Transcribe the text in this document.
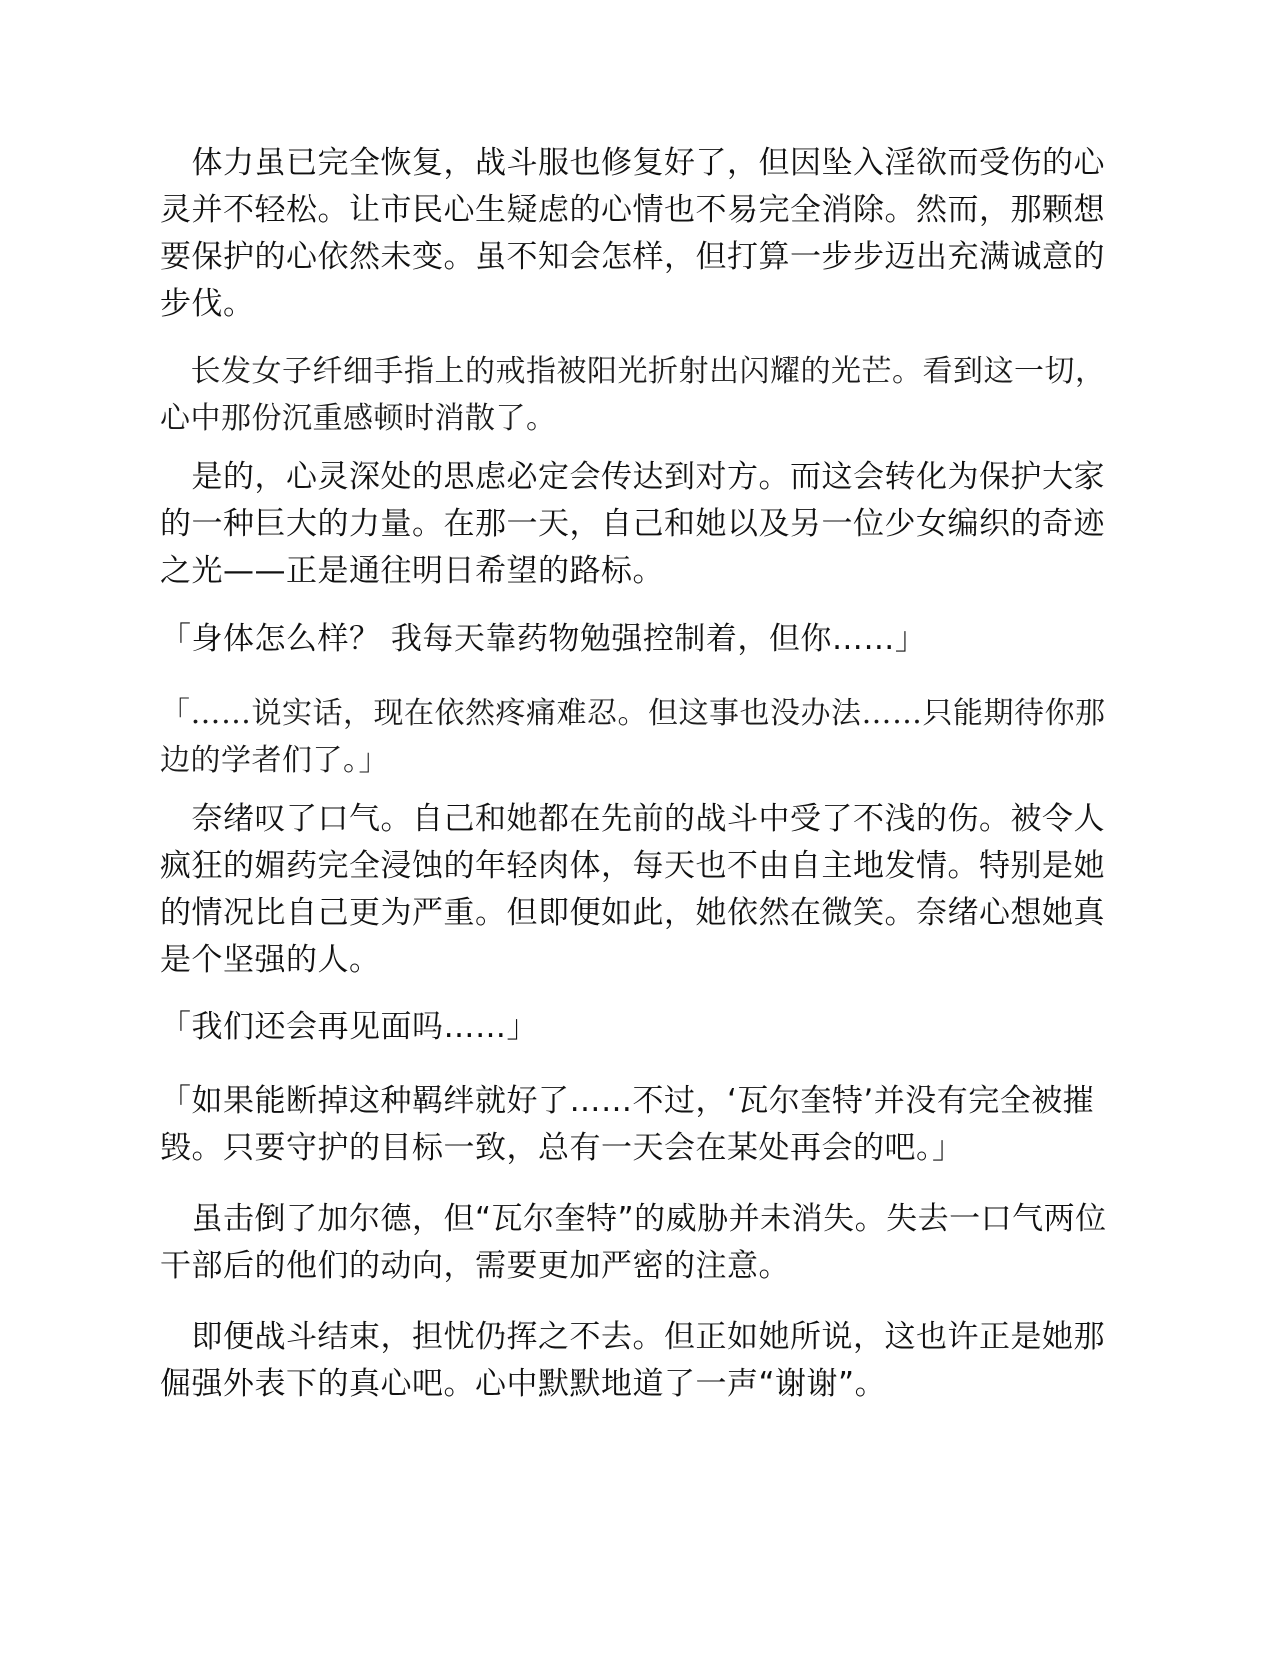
　体力虽已完全恢复，战斗服也修复好了，但因坠入淫欲而受伤的心灵并不轻松。让市民心生疑虑的心情也不易完全消除。然而，那颗想要保护的心依然未变。虽不知会怎样，但打算一步步迈出充满诚意的步伐。

　长发女子纤细手指上的戒指被阳光折射出闪耀的光芒。看到这一切，心中那份沉重感顿时消散了。

　是的，心灵深处的思虑必定会传达到对方。而这会转化为保护大家的一种巨大的力量。在那一天，自己和她以及另一位少女编织的奇迹之光——正是通往明日希望的路标。

「身体怎么样？ 我每天靠药物勉强控制着，但你……」

「……说实话，现在依然疼痛难忍。但这事也没办法……只能期待你那边的学者们了。」

　奈绪叹了口气。自己和她都在先前的战斗中受了不浅的伤。被令人疯狂的媚药完全浸蚀的年轻肉体，每天也不由自主地发情。特别是她的情况比自己更为严重。但即便如此，她依然在微笑。奈绪心想她真是个坚强的人。

「我们还会再见面吗……」

「如果能断掉这种羁绊就好了……不过，‘瓦尔奎特’并没有完全被摧毁。只要守护的目标一致，总有一天会在某处再会的吧。」

　虽击倒了加尔德，但“瓦尔奎特”的威胁并未消失。失去一口气两位干部后的他们的动向，需要更加严密的注意。

　即便战斗结束，担忧仍挥之不去。但正如她所说，这也许正是她那倔强外表下的真心吧。心中默默地道了一声“谢谢”。
